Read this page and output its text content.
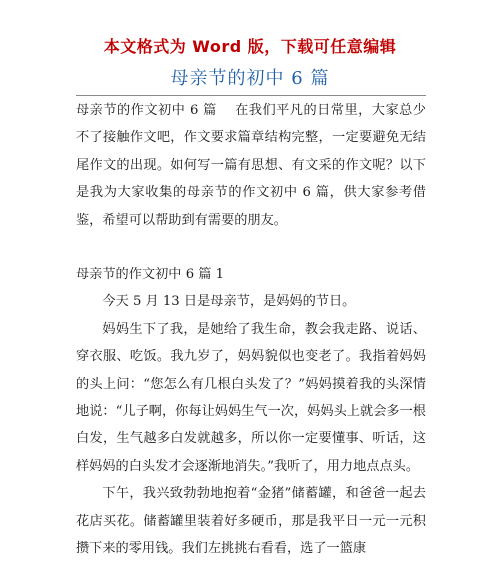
本文格式为 Word 版，下载可任意编辑
母亲节的初中 6 篇

母亲节的作文初中 6 篇　 在我们平凡的日常里，大家总少不了接触作文吧，作文要求篇章结构完整，一定要避免无结尾作文的出现。如何写一篇有思想、有文采的作文呢？以下是我为大家收集的母亲节的作文初中 6 篇，供大家参考借鉴，希望可以帮助到有需要的朋友。

母亲节的作文初中 6 篇 1

今天 5 月 13 日是母亲节，是妈妈的节日。

妈妈生下了我，是她给了我生命，教会我走路、说话、穿衣服、吃饭。我九岁了，妈妈貌似也变老了。我指着妈妈的头上问：“您怎么有几根白头发了？”妈妈摸着我的头深情地说：“儿子啊，你每让妈妈生气一次，妈妈头上就会多一根白发，生气越多白发就越多，所以你一定要懂事、听话，这样妈妈的白头发才会逐渐地消失。”我听了，用力地点点头。

下午，我兴致勃勃地抱着“金猪”储蓄罐，和爸爸一起去花店买花。储蓄罐里装着好多硬币，那是我平日一元一元积攒下来的零用钱。我们左挑挑右看看，选了一篮康
